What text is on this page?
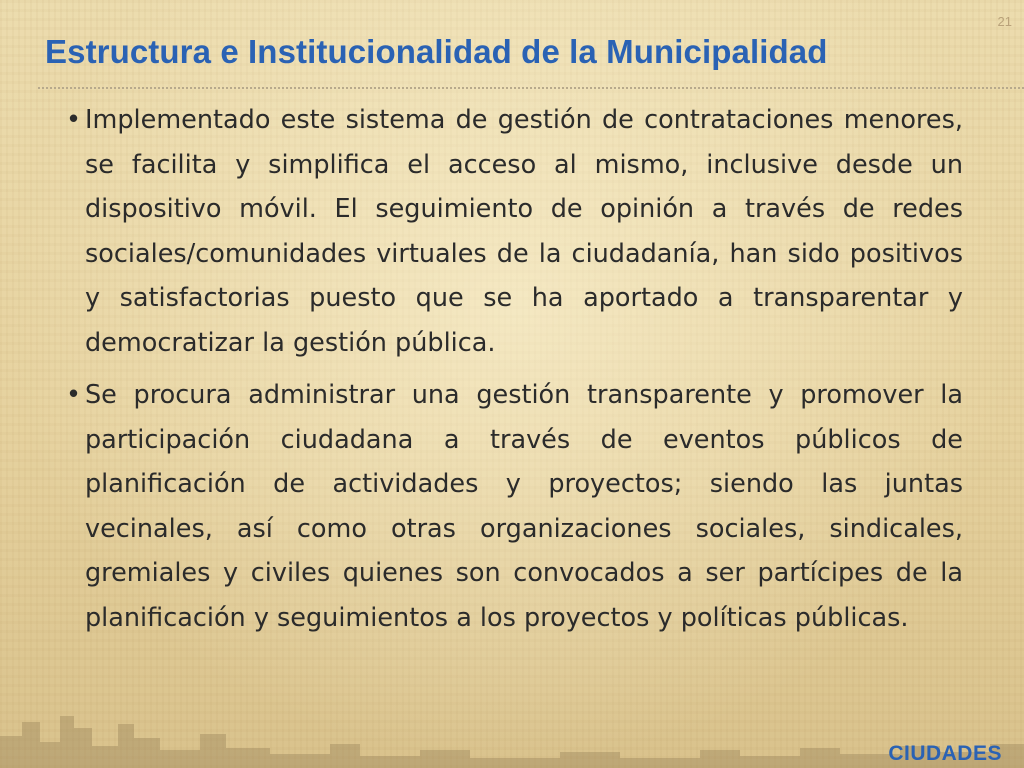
21
Estructura e Institucionalidad de la Municipalidad

• Implementado este sistema de gestión de contrataciones menores, se facilita y simplifica el acceso al mismo, inclusive desde un dispositivo móvil. El seguimiento de opinión a través de redes sociales/comunidades virtuales de la ciudadanía, han sido positivos y satisfactorias puesto que se ha aportado a transparentar y democratizar la gestión pública.

• Se procura administrar una gestión transparente y promover la participación ciudadana a través de eventos públicos de planificación de actividades y proyectos; siendo las juntas vecinales, así como otras organizaciones sociales, sindicales, gremiales y civiles quienes son convocados a ser partícipes de la planificación y seguimientos a los proyectos y políticas públicas.

CIUDADES
